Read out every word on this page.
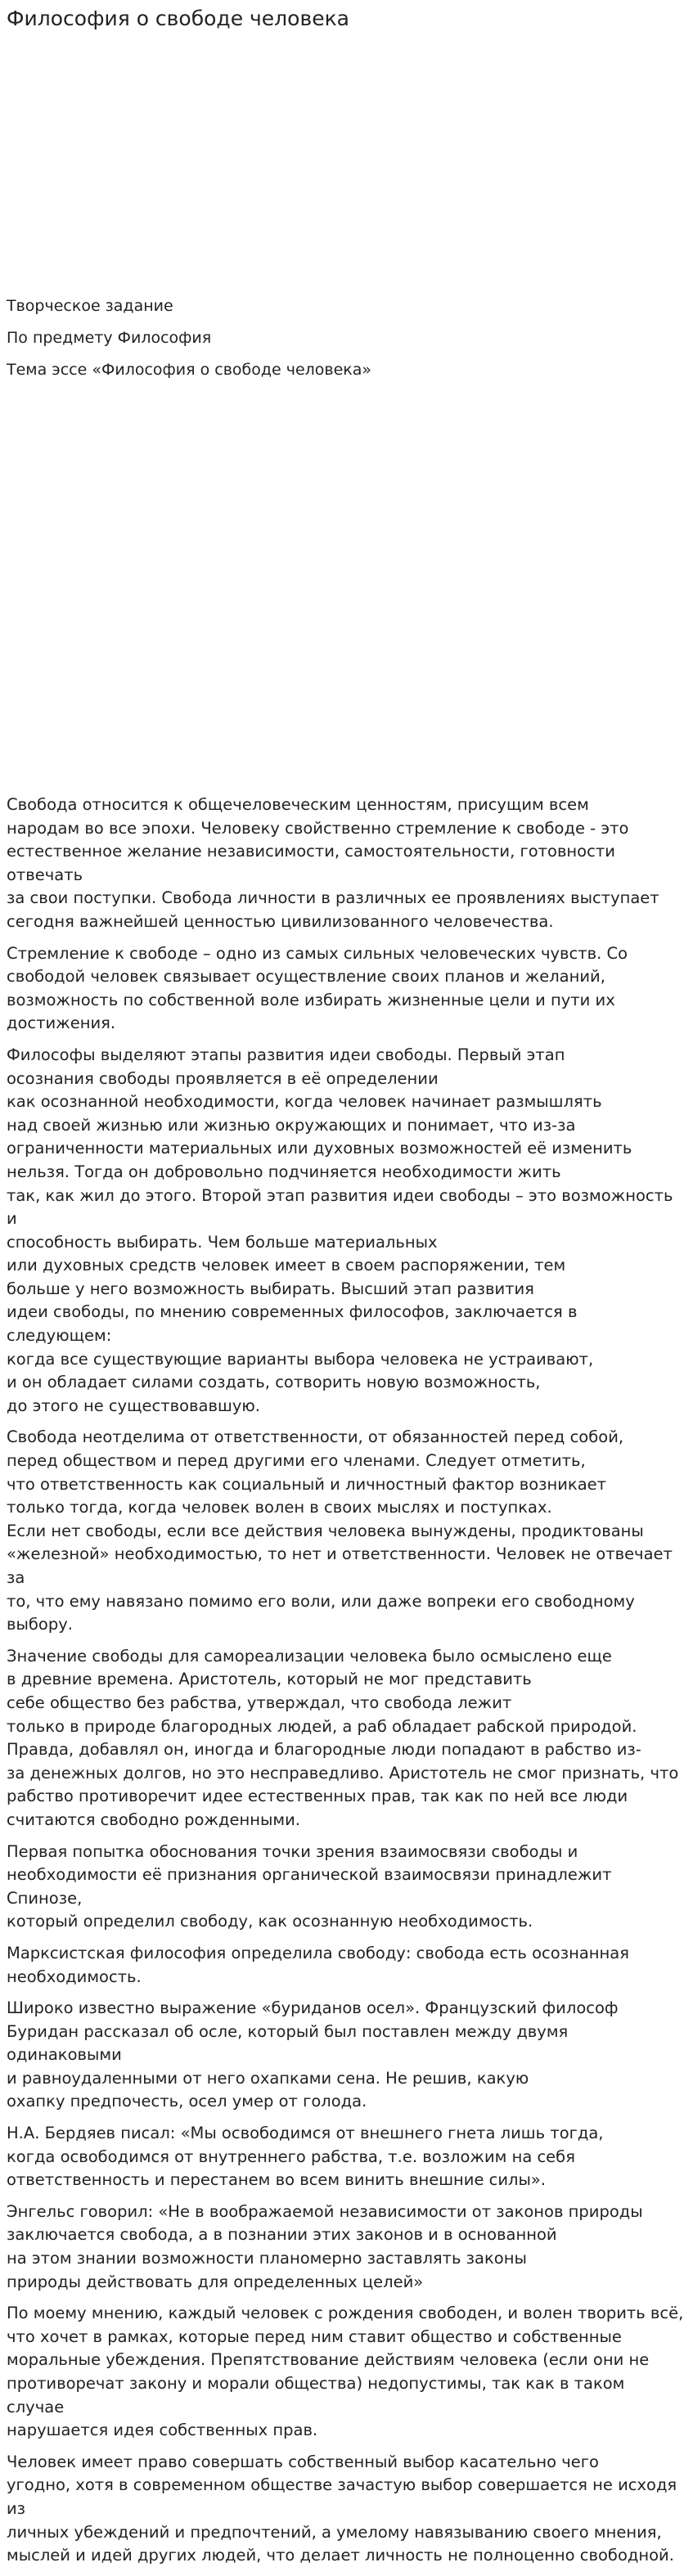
Философия о свободе человека
Творческое задание
По предмету Философия
Тема эссе «Философия о свободе человека»

Свобода относится к общечеловеческим ценностям, присущим всем
народам во все эпохи. Человеку свойственно стремление к свободе - это
естественное желание независимости, самостоятельности, готовности отвечать
за свои поступки. Свобода личности в различных ее проявлениях выступает
сегодня важнейшей ценностью цивилизованного человечества.

Стремление к свободе – одно из самых сильных человеческих чувств. Со
свободой человек связывает осуществление своих планов и желаний,
возможность по собственной воле избирать жизненные цели и пути их
достижения.

Философы выделяют этапы развития идеи свободы. Первый этап
осознания свободы проявляется в её определении
как осознанной необходимости, когда человек начинает размышлять
над своей жизнью или жизнью окружающих и понимает, что из-за
ограниченности материальных или духовных возможностей её изменить
нельзя. Тогда он добровольно подчиняется необходимости жить
так, как жил до этого. Второй этап развития идеи свободы – это возможность и
способность выбирать. Чем больше материальных
или духовных средств человек имеет в своем распоряжении, тем
больше у него возможность выбирать. Высший этап развития
идеи свободы, по мнению современных философов, заключается в следующем:
когда все существующие варианты выбора человека не устраивают,
и он обладает силами создать, сотворить новую возможность,
до этого не существовавшую.

Свобода неотделима от ответственности, от обязанностей перед собой,
перед обществом и перед другими его членами. Следует отметить,
что ответственность как социальный и личностный фактор возникает
только тогда, когда человек волен в своих мыслях и поступках.
Если нет свободы, если все действия человека вынуждены, продиктованы
«железной» необходимостью, то нет и ответственности. Человек не отвечает за
то, что ему навязано помимо его воли, или даже вопреки его свободному
выбору.

Значение свободы для самореализации человека было осмыслено еще
в древние времена. Аристотель, который не мог представить
себе общество без рабства, утверждал, что свобода лежит
только в природе благородных людей, а раб обладает рабской природой.
Правда, добавлял он, иногда и благородные люди попадают в рабство из-
за денежных долгов, но это несправедливо. Аристотель не смог признать, что
рабство противоречит идее естественных прав, так как по ней все люди
считаются свободно рожденными.

Первая попытка обоснования точки зрения взаимосвязи свободы и
необходимости её признания органической взаимосвязи принадлежит Спинозе,
который определил свободу, как осознанную необходимость.

Марксистская философия определила свободу: свобода есть осознанная
необходимость.

Широко известно выражение «буриданов осел». Французский философ
Буридан рассказал об осле, который был поставлен между двумя одинаковыми
и равноудаленными от него охапками сена. Не решив, какую
охапку предпочесть, осел умер от голода.

Н.А. Бердяев писал: «Мы освободимся от внешнего гнета лишь тогда,
когда освободимся от внутреннего рабства, т.е. возложим на себя
ответственность и перестанем во всем винить внешние силы».

Энгельс говорил: «Не в воображаемой независимости от законов природы
заключается свобода, а в познании этих законов и в основанной
на этом знании возможности планомерно заставлять законы
природы действовать для определенных целей»

По моему мнению, каждый человек с рождения свободен, и волен творить всё,
что хочет в рамках, которые перед ним ставит общество и собственные
моральные убеждения. Препятствование действиям человека (если они не
противоречат закону и морали общества) недопустимы, так как в таком случае
нарушается идея собственных прав.

Человек имеет право совершать собственный выбор касательно чего
угодно, хотя в современном обществе зачастую выбор совершается не исходя из
личных убеждений и предпочтений, а умелому навязыванию своего мнения,
мыслей и идей других людей, что делает личность не полноценно свободной.
